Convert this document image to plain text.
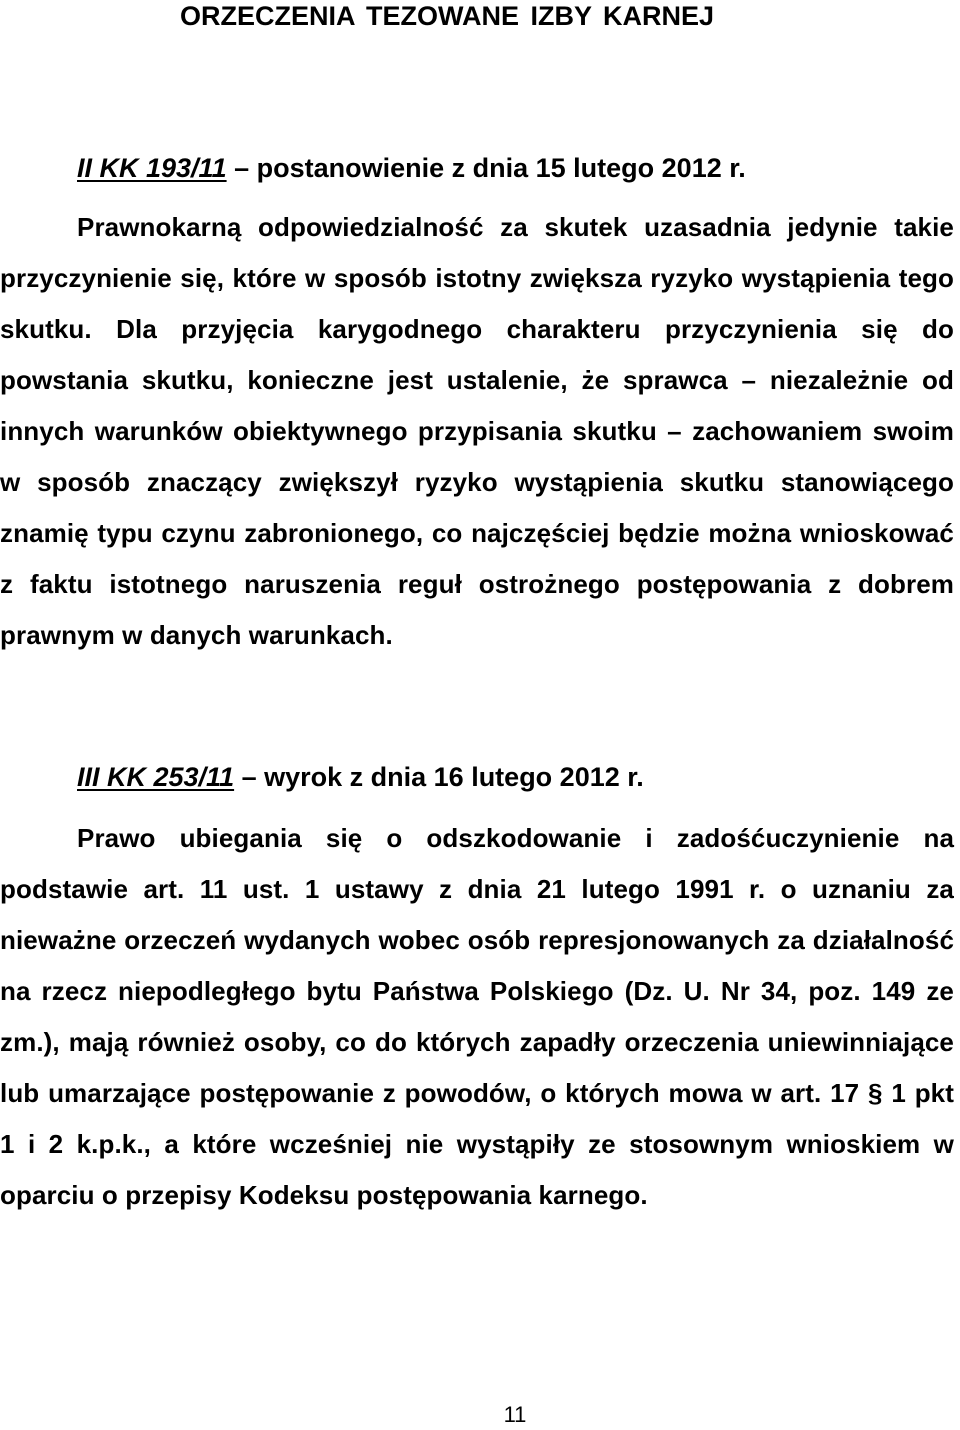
ORZECZENIA TEZOWANE IZBY KARNEJ

II KK 193/11 – postanowienie z dnia 15 lutego 2012 r.

Prawnokarną odpowiedzialność za skutek uzasadnia jedynie takie przyczynienie się, które w sposób istotny zwiększa ryzyko wystąpienia tego skutku. Dla przyjęcia karygodnego charakteru przyczynienia się do powstania skutku, konieczne jest ustalenie, że sprawca – niezależnie od innych warunków obiektywnego przypisania skutku – zachowaniem swoim w sposób znaczący zwiększył ryzyko wystąpienia skutku stanowiącego znamię typu czynu zabronionego, co najczęściej będzie można wnioskować z faktu istotnego naruszenia reguł ostrożnego postępowania z dobrem prawnym w danych warunkach.

III KK 253/11 – wyrok z dnia 16 lutego 2012 r.

Prawo ubiegania się o odszkodowanie i zadośćuczynienie na podstawie art. 11 ust. 1 ustawy z dnia 21 lutego 1991 r. o uznaniu za nieważne orzeczeń wydanych wobec osób represjonowanych za działalność na rzecz niepodległego bytu Państwa Polskiego (Dz. U. Nr 34, poz. 149 ze zm.), mają również osoby, co do których zapadły orzeczenia uniewinniające lub umarzające postępowanie z powodów, o których mowa w art. 17 § 1 pkt 1 i 2 k.p.k., a które wcześniej nie wystąpiły ze stosownym wnioskiem w oparciu o przepisy Kodeksu postępowania karnego.

11
